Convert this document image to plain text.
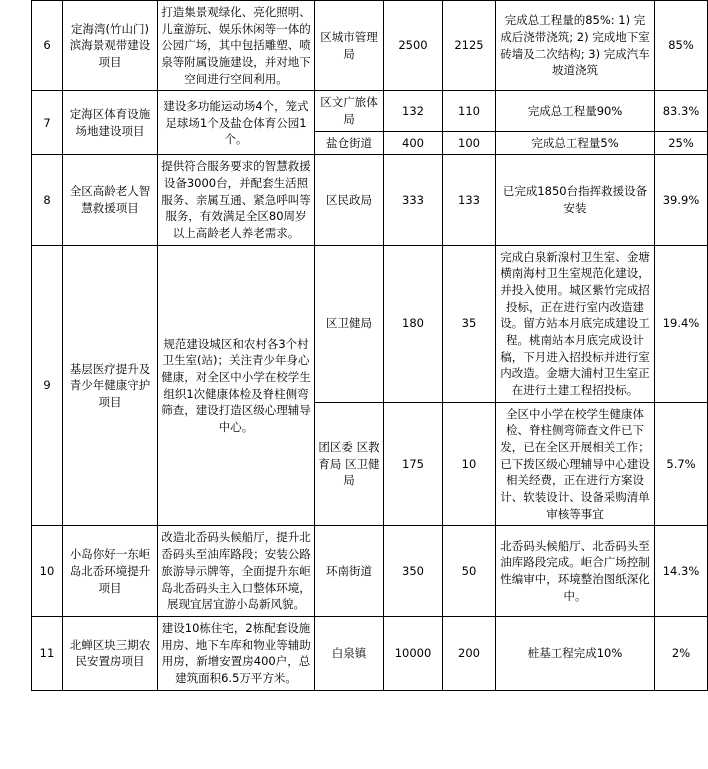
6	定海湾(竹山门)滨海景观带建设项目	打造集景观绿化、亮化照明、儿童游玩、娱乐休闲等一体的公园广场，其中包括雕塑、喷泉等附属设施建设，并对地下空间进行空间利用。	区城市管理局	2500	2125	完成总工程量的85%: 1) 完成后浇带浇筑; 2) 完成地下室砖墙及二次结构; 3) 完成汽车坡道浇筑	85%
7	定海区体育设施场地建设项目	建设多功能运动场4个，笼式足球场1个及盐仓体育公园1个。	区文广旅体局	132	110	完成总工程量90%	83.3%
			盐仓街道	400	100	完成总工程量5%	25%
8	全区高龄老人智慧救援项目	提供符合服务要求的智慧救援设备3000台，并配套生活照服务、亲属互通、紧急呼叫等服务，有效满足全区80周岁以上高龄老人养老需求。	区民政局	333	133	已完成1850台指挥救援设备安装	39.9%
9	基层医疗提升及青少年健康守护项目	规范建设城区和农村各3个村卫生室(站)；关注青少年身心健康，对全区中小学在校学生组织1次健康体检及脊柱侧弯筛查，建设打造区级心理辅导中心。	区卫健局	180	35	完成白泉新湶村卫生室、金塘横南海村卫生室规范化建设，并投入使用。城区紫竹完成招投标，正在进行室内改造建设。留方站本月底完成建设工程。桃南站本月底完成设计稿，下月进入招投标并进行室内改造。金塘大浦村卫生室正在进行土建工程招投标。	19.4%
			团区委 区教育局 区卫健局	175	10	全区中小学在校学生健康体检、脊柱侧弯筛查文件已下发，已在全区开展相关工作；已下拨区级心理辅导中心建设相关经费，正在进行方案设计、软装设计、设备采购清单审核等事宜	5.7%
10	小岛你好一东岠岛北岙环境提升项目	改造北岙码头候船厅，提升北岙码头至油库路段；安装公路旅游导示牌等，全面提升东岠岛北岙码头主入口整体环境，展现宜居宜游小岛新风貌。	环南街道	350	50	北岙码头候船厅、北岙码头至油库路段完成。岠合广场控制性编审中，环境整治图纸深化中。	14.3%
11	北蝉区块三期农民安置房项目	建设10栋住宅，2栋配套设施用房、地下车库和物业等辅助用房，新增安置房400户，总建筑面积6.5万平方米。	白泉镇	10000	200	桩基工程完成10%	2%
